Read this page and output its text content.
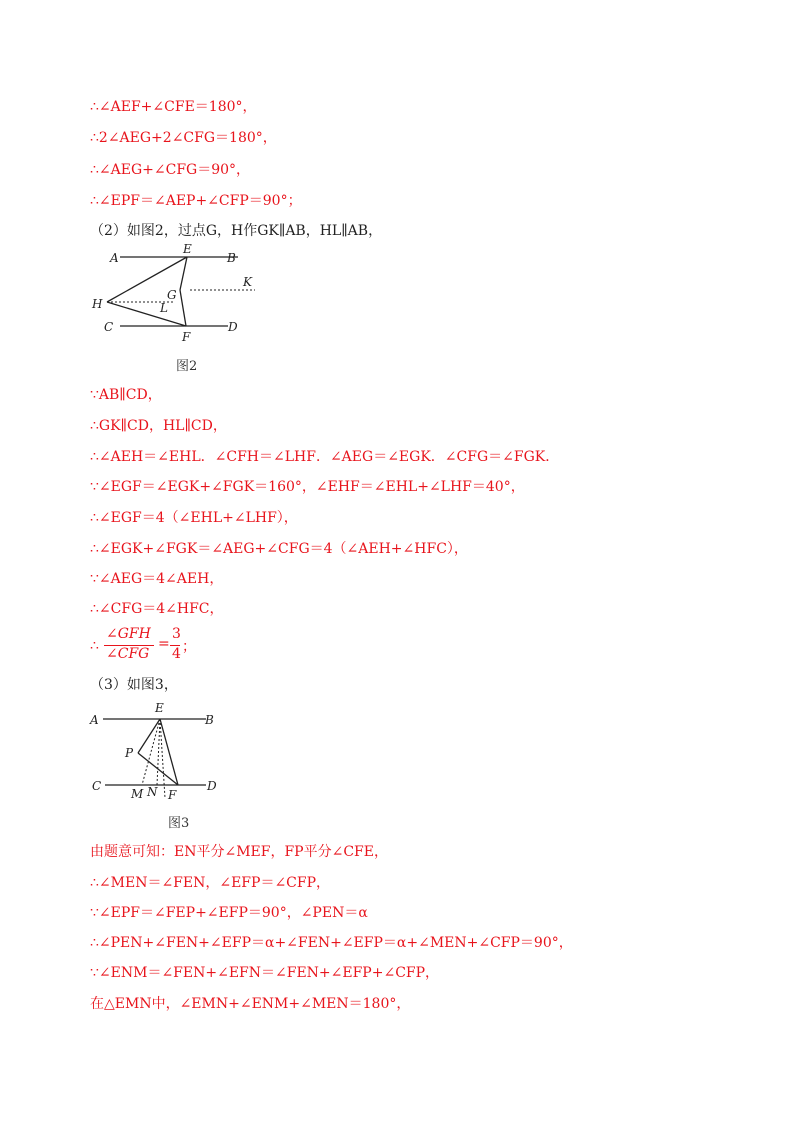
∴∠AEF+∠CFE＝180°，
∴2∠AEG+2∠CFG＝180°，
∴∠AEG+∠CFG＝90°，
∴∠EPF＝∠AEP+∠CFP＝90°；
（2）如图2，过点G，H作GK∥AB，HL∥AB，
∵AB∥CD，
∴GK∥CD，HL∥CD，
∴∠AEH＝∠EHL．∠CFH＝∠LHF．∠AEG＝∠EGK．∠CFG＝∠FGK．
∵∠EGF＝∠EGK+∠FGK＝160°，∠EHF＝∠EHL+∠LHF＝40°，
∴∠EGF＝4（∠EHL+∠LHF），
∴∠EGK+∠FGK＝∠AEG+∠CFG＝4（∠AEH+∠HFC），
∵∠AEG＝4∠AEH，
∴∠CFG＝4∠HFC，
（3）如图3，
由题意可知：EN平分∠MEF，FP平分∠CFE，
∴∠MEN＝∠FEN，∠EFP＝∠CFP，
∵∠EPF＝∠FEP+∠EFP＝90°，∠PEN＝α
∴∠PEN+∠FEN+∠EFP＝α+∠FEN+∠EFP＝α+∠MEN+∠CFP＝90°，
∵∠ENM＝∠FEN+∠EFN＝∠FEN+∠EFP+∠CFP，
在△EMN中，∠EMN+∠ENM+∠MEN＝180°，
A	B
E
K
G
H	L
C	D
F
图2
∴
∠GFH
∠CFG
=
3
4 ；
A	B
E
P
C
M N F
D
图3
